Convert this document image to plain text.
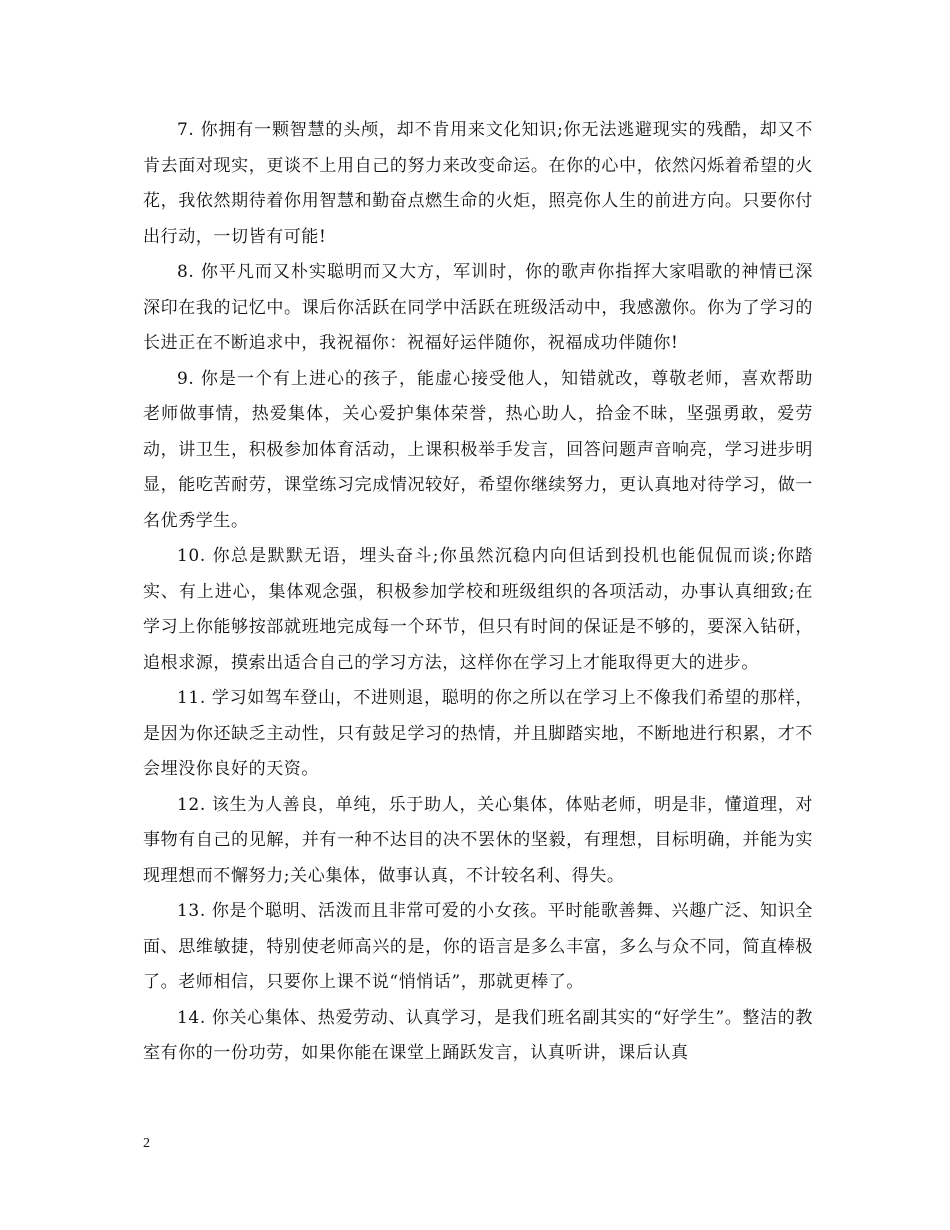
7. 你拥有一颗智慧的头颅，却不肯用来文化知识;你无法逃避现实的残酷，却又不肯去面对现实，更谈不上用自己的努力来改变命运。在你的心中，依然闪烁着希望的火花，我依然期待着你用智慧和勤奋点燃生命的火炬，照亮你人生的前进方向。只要你付出行动，一切皆有可能!

8. 你平凡而又朴实聪明而又大方，军训时，你的歌声你指挥大家唱歌的神情已深深印在我的记忆中。课后你活跃在同学中活跃在班级活动中，我感激你。你为了学习的长进正在不断追求中，我祝福你：祝福好运伴随你，祝福成功伴随你!

9. 你是一个有上进心的孩子，能虚心接受他人，知错就改，尊敬老师，喜欢帮助老师做事情，热爱集体，关心爱护集体荣誉，热心助人，拾金不昧，坚强勇敢，爱劳动，讲卫生，积极参加体育活动，上课积极举手发言，回答问题声音响亮，学习进步明显，能吃苦耐劳，课堂练习完成情况较好，希望你继续努力，更认真地对待学习，做一名优秀学生。

10. 你总是默默无语，埋头奋斗;你虽然沉稳内向但话到投机也能侃侃而谈;你踏实、有上进心，集体观念强，积极参加学校和班级组织的各项活动，办事认真细致;在学习上你能够按部就班地完成每一个环节，但只有时间的保证是不够的，要深入钻研，追根求源，摸索出适合自己的学习方法，这样你在学习上才能取得更大的进步。

11. 学习如驾车登山，不进则退，聪明的你之所以在学习上不像我们希望的那样，是因为你还缺乏主动性，只有鼓足学习的热情，并且脚踏实地，不断地进行积累，才不会埋没你良好的天资。

12. 该生为人善良，单纯，乐于助人，关心集体，体贴老师，明是非，懂道理，对事物有自己的见解，并有一种不达目的决不罢休的坚毅，有理想，目标明确，并能为实现理想而不懈努力;关心集体，做事认真，不计较名利、得失。

13. 你是个聪明、活泼而且非常可爱的小女孩。平时能歌善舞、兴趣广泛、知识全面、思维敏捷，特别使老师高兴的是，你的语言是多么丰富，多么与众不同，简直棒极了。老师相信，只要你上课不说“悄悄话”，那就更棒了。

14. 你关心集体、热爱劳动、认真学习，是我们班名副其实的“好学生”。整洁的教室有你的一份功劳，如果你能在课堂上踊跃发言，认真听讲，课后认真

2
